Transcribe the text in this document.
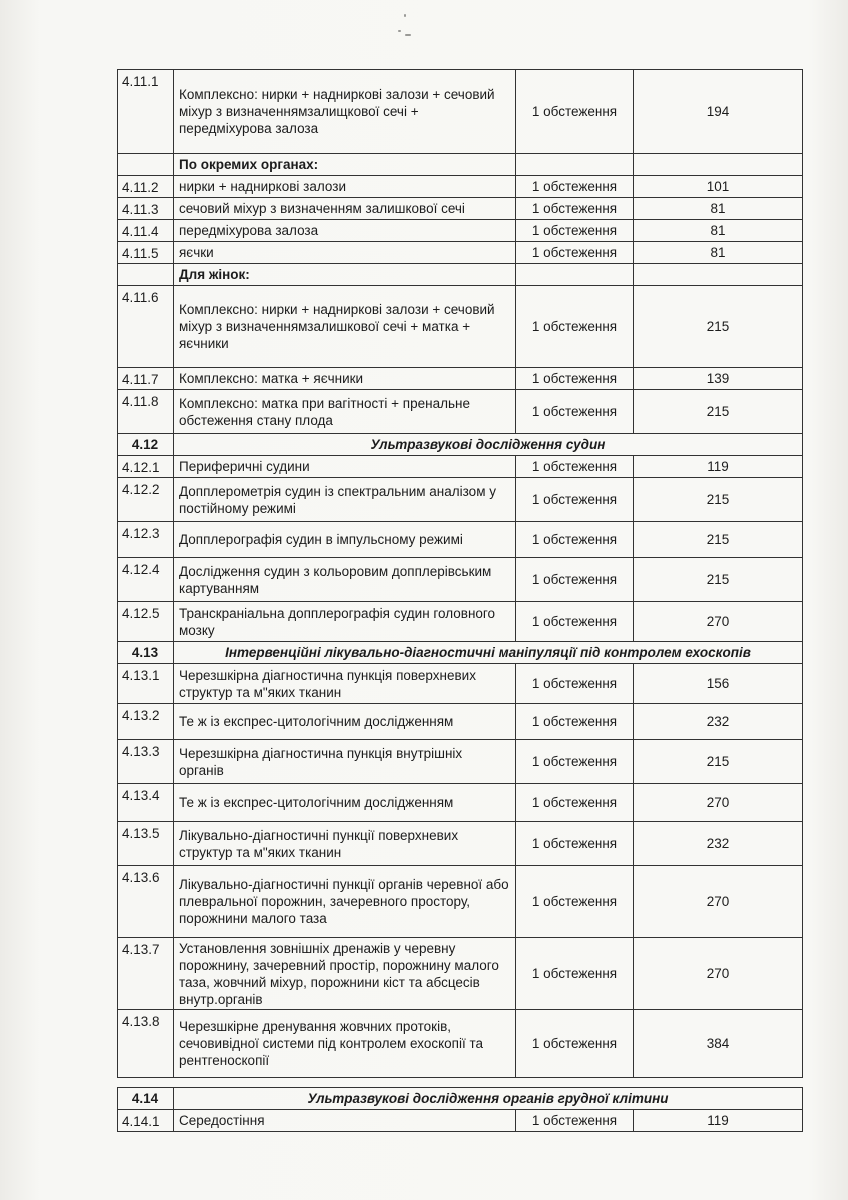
4.11.1	Комплексно: нирки + надниркові залози + сечовий міхур з визначеннямзалищкової сечі + передміхурова залоза	1 обстеження	194
	По окремих органах:		
4.11.2	нирки + надниркові залози	1 обстеження	101
4.11.3	сечовий міхур з визначенням залишкової сечі	1 обстеження	81
4.11.4	передміхурова залоза	1 обстеження	81
4.11.5	яєчки	1 обстеження	81
	Для жінок:		
4.11.6	Комплексно: нирки + надниркові залози + сечовий міхур з визначеннямзалишкової сечі + матка + яєчники	1 обстеження	215
4.11.7	Комплексно: матка + яєчники	1 обстеження	139
4.11.8	Комплексно: матка при вагітності + пренальне обстеження стану плода	1 обстеження	215
4.12	Ультразвукові дослідження судин		
4.12.1	Периферичні судини	1 обстеження	119
4.12.2	Допплерометрія судин із спектральним аналізом у постійному режимі	1 обстеження	215
4.12.3	Допплерографія судин в імпульсному режимі	1 обстеження	215
4.12.4	Дослідження судин з кольоровим допплерівським картуванням	1 обстеження	215
4.12.5	Транскраніальна допплерографія судин головного мозку	1 обстеження	270
4.13	Інтервенційні лікувально-діагностичні маніпуляції під контролем ехоскопів		
4.13.1	Черезшкірна діагностична пункція поверхневих структур та м"яких тканин	1 обстеження	156
4.13.2	Те ж із експрес-цитологічним дослідженням	1 обстеження	232
4.13.3	Черезшкірна діагностична пункція внутрішніх органів	1 обстеження	215
4.13.4	Те ж із експрес-цитологічним дослідженням	1 обстеження	270
4.13.5	Лікувально-діагностичні пункції поверхневих структур та м"яких тканин	1 обстеження	232
4.13.6	Лікувально-діагностичні пункції органів черевної або плевральної порожнин, зачеревного простору, порожнини малого таза	1 обстеження	270
4.13.7	Установлення зовнішніх дренажів у черевну порожнину, зачеревний простір, порожнину малого таза, жовчний міхур, порожнини кіст та абсцесів внутр.органів	1 обстеження	270
4.13.8	Черезшкірне дренування жовчних протоків, сечовивідної системи під контролем ехоскопії та рентгеноскопії	1 обстеження	384
4.14	Ультразвукові дослідження органів грудної клітини		
4.14.1	Середостіння	1 обстеження	119
